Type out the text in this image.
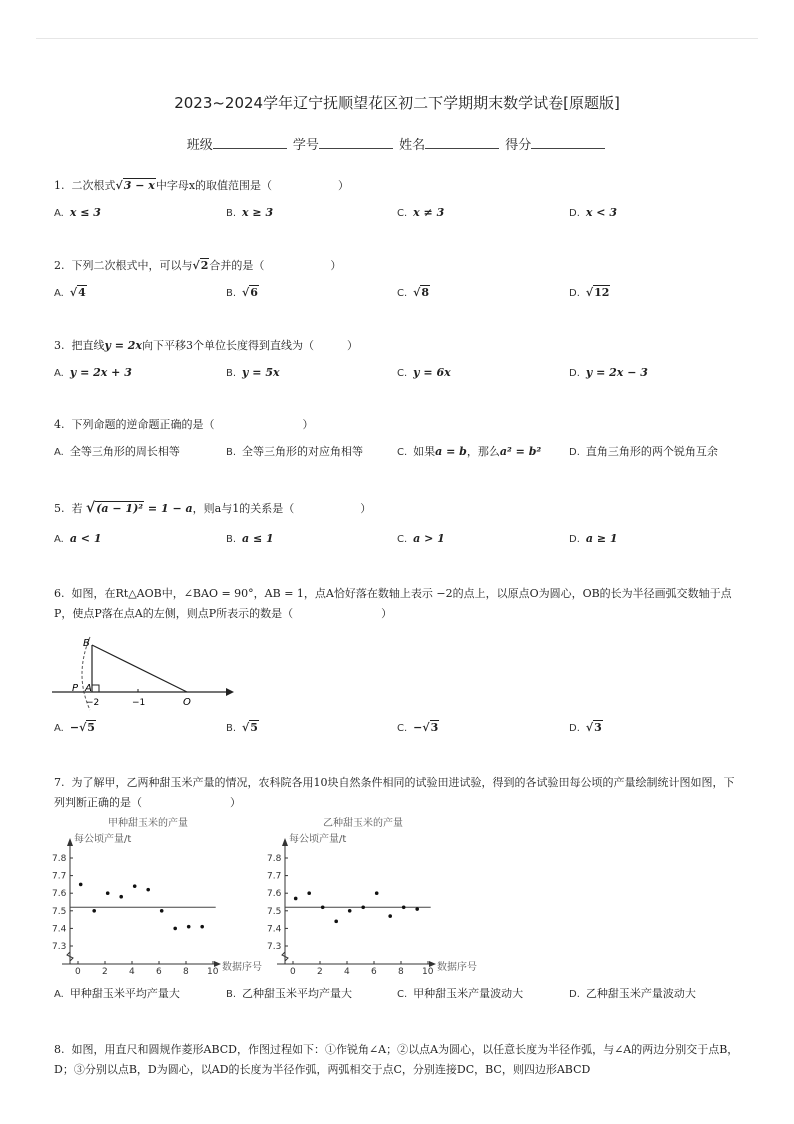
2023~2024学年辽宁抚顺望花区初二下学期期末数学试卷[原题版]
班级	学号	姓名	得分
1. 二次根式√3 − x中字母x的取值范围是（　　　　　　）
A. x ≤ 3	B. x ≥ 3	C. x ≠ 3	D. x < 3
2. 下列二次根式中，可以与√2合并的是（　　　　　　）
A. √4	B. √6	C. √8	D. √12
3. 把直线y = 2x向下平移3个单位长度得到直线为（　　　）
A. y = 2x + 3	B. y = 5x	C. y = 6x	D. y = 2x − 3
4. 下列命题的逆命题正确的是（　　　　　　　　）
A. 全等三角形的周长相等	B. 全等三角形的对应角相等	C. 如果a = b，那么a² = b²	D. 直角三角形的两个锐角互余
5. 若 √(a − 1)² = 1 − a，则a与1的关系是（　　　　　　）
A. a < 1	B. a ≤ 1	C. a > 1	D. a ≥ 1
6. 如图，在Rt△AOB中，∠BAO = 90°，AB = 1，点A恰好落在数轴上表示 −2的点上，以原点O为圆心，OB的长为半径画弧交数轴于点P，使点P落在点A的左侧，则点P所表示的数是（　　　　　　　　）
B
P A
O
−2	−1
A. −√5	B. √5	C. −√3	D. √3
7. 为了解甲，乙两种甜玉米产量的情况，农科院各用10块自然条件相同的试验田进试验，得到的各试验田每公顷的产量绘制统计图如图，下列判断正确的是（　　　　　　　　）
甲种甜玉米的产量
每公顷产量/t
数据序号
7.3
7.4
7.5
7.6
7.7
7.8
0 2 4 6 8 10
乙种甜玉米的产量
每公顷产量/t
数据序号
7.3
7.4
7.5
7.6
7.7
7.8
0 2 4 6 8 10
A. 甲种甜玉米平均产量大	B. 乙种甜玉米平均产量大	C. 甲种甜玉米产量波动大	D. 乙种甜玉米产量波动大
8. 如图，用直尺和圆规作菱形ABCD，作图过程如下：①作锐角∠A；②以点A为圆心，以任意长度为半径作弧，与∠A的两边分别交于点B，D；③分别以点B，D为圆心，以AD的长度为半径作弧，两弧相交于点C，分别连接DC，BC，则四边形ABCD
